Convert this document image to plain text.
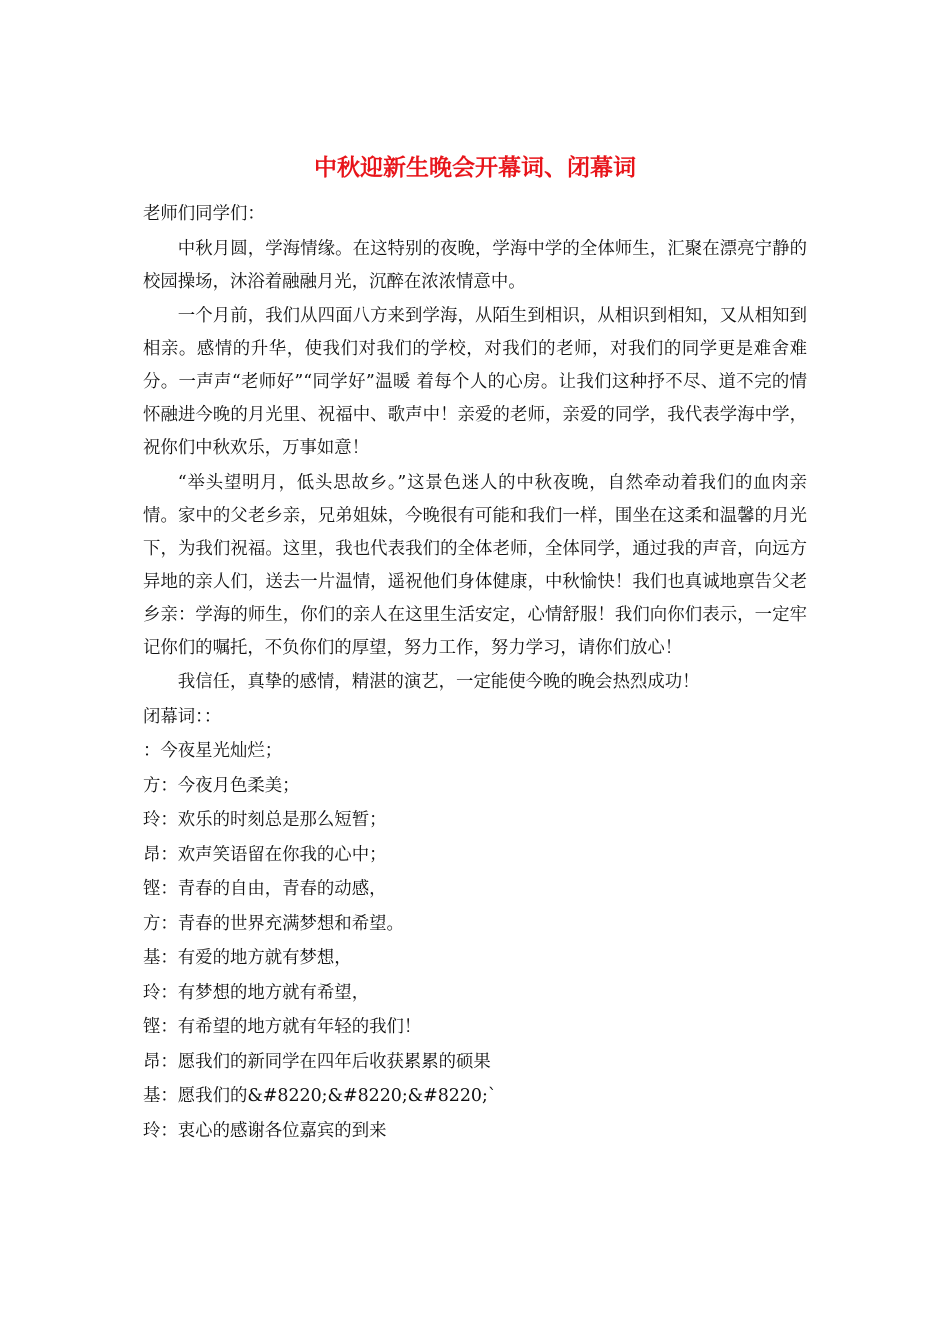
中秋迎新生晚会开幕词、闭幕词

老师们同学们：

中秋月圆，学海情缘。在这特别的夜晚，学海中学的全体师生，汇聚在漂亮宁静的校园操场，沐浴着融融月光，沉醉在浓浓情意中。

一个月前，我们从四面八方来到学海，从陌生到相识，从相识到相知，又从相知到相亲。感情的升华，使我们对我们的学校，对我们的老师，对我们的同学更是难舍难分。一声声“老师好”“同学好”温暖 着每个人的心房。让我们这种抒不尽、道不完的情怀融进今晚的月光里、祝福中、歌声中！亲爱的老师，亲爱的同学，我代表学海中学，祝你们中秋欢乐，万事如意！

“举头望明月，低头思故乡。”这景色迷人的中秋夜晚，自然牵动着我们的血肉亲情。家中的父老乡亲，兄弟姐妹，今晚很有可能和我们一样，围坐在这柔和温馨的月光下，为我们祝福。这里，我也代表我们的全体老师，全体同学，通过我的声音，向远方异地的亲人们，送去一片温情，遥祝他们身体健康，中秋愉快！我们也真诚地禀告父老乡亲：学海的师生，你们的亲人在这里生活安定，心情舒服！我们向你们表示，一定牢记你们的嘱托，不负你们的厚望，努力工作，努力学习，请你们放心！

我信任，真挚的感情，精湛的演艺，一定能使今晚的晚会热烈成功！

闭幕词：：

：今夜星光灿烂；

方：今夜月色柔美；

玲：欢乐的时刻总是那么短暂；

昂：欢声笑语留在你我的心中；

铿：青春的自由，青春的动感，

方：青春的世界充满梦想和希望。

基：有爱的地方就有梦想，

玲：有梦想的地方就有希望，

铿：有希望的地方就有年轻的我们！

昂：愿我们的新同学在四年后收获累累的硕果

基：愿我们的&#8220;&#8220;&#8220;`

玲：衷心的感谢各位嘉宾的到来
